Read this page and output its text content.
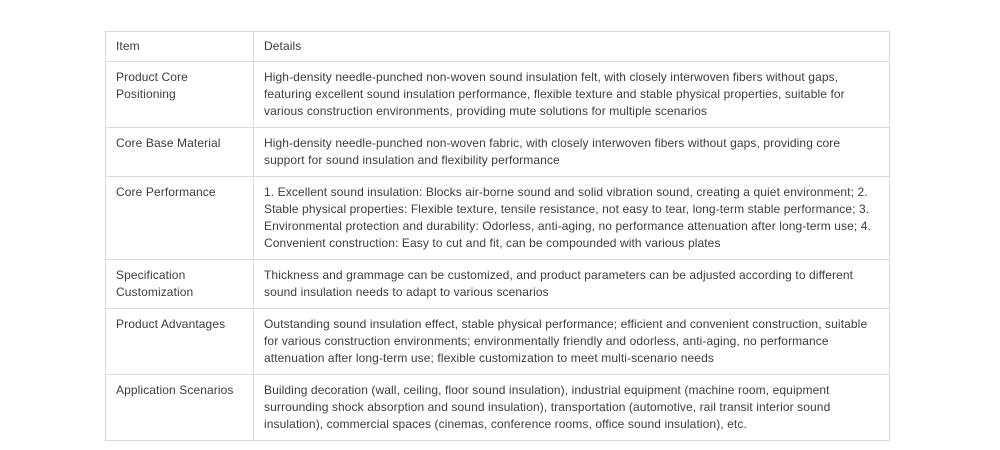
Item	Details
Product Core Positioning	High-density needle-punched non-woven sound insulation felt, with closely interwoven fibers without gaps, featuring excellent sound insulation performance, flexible texture and stable physical properties, suitable for various construction environments, providing mute solutions for multiple scenarios
Core Base Material	High-density needle-punched non-woven fabric, with closely interwoven fibers without gaps, providing core support for sound insulation and flexibility performance
Core Performance	1. Excellent sound insulation: Blocks air-borne sound and solid vibration sound, creating a quiet environment; 2. Stable physical properties: Flexible texture, tensile resistance, not easy to tear, long-term stable performance; 3. Environmental protection and durability: Odorless, anti-aging, no performance attenuation after long-term use; 4. Convenient construction: Easy to cut and fit, can be compounded with various plates
Specification Customization	Thickness and grammage can be customized, and product parameters can be adjusted according to different sound insulation needs to adapt to various scenarios
Product Advantages	Outstanding sound insulation effect, stable physical performance; efficient and convenient construction, suitable for various construction environments; environmentally friendly and odorless, anti-aging, no performance attenuation after long-term use; flexible customization to meet multi-scenario needs
Application Scenarios	Building decoration (wall, ceiling, floor sound insulation), industrial equipment (machine room, equipment surrounding shock absorption and sound insulation), transportation (automotive, rail transit interior sound insulation), commercial spaces (cinemas, conference rooms, office sound insulation), etc.
